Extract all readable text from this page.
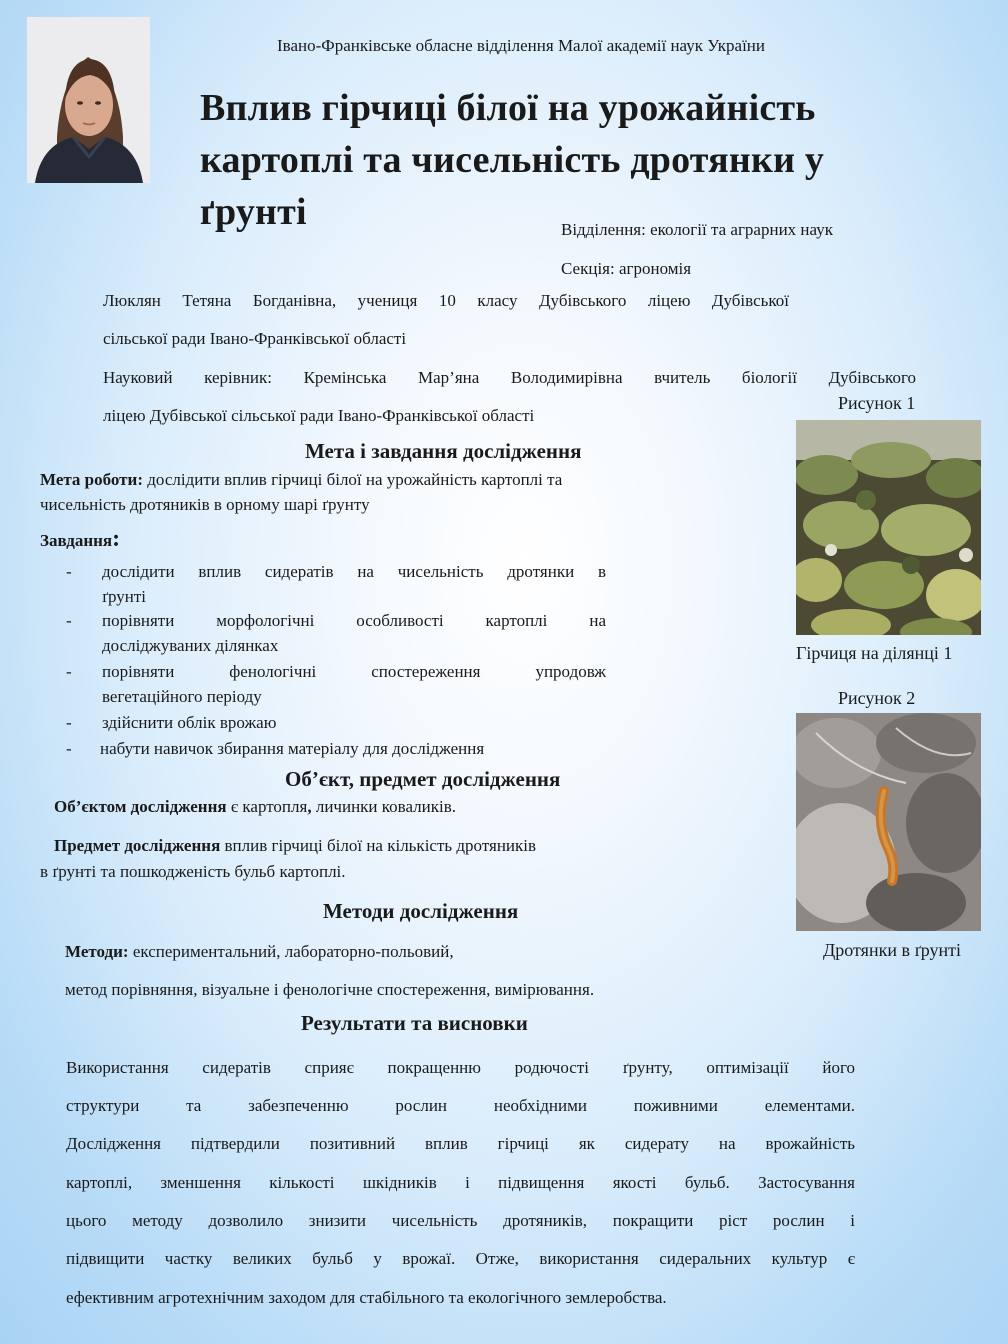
Івано-Франківське обласне відділення Малої академії наук України
Вплив гірчиці білої на урожайність
картоплі та чисельність дротянки у
ґрунті	Відділення: екології та аграрних наук
Секція: агрономія
Люклян Тетяна Богданівна, учениця 10 класу Дубівського ліцею Дубівської
сільської ради Івано-Франківської області
Науковий керівник: Кремінська Мар’яна Володимирівна вчитель біології Дубівського
ліцею Дубівської сільської ради Івано-Франківської області
Рисунок 1
Гірчиця на ділянці 1
Рисунок 2
Дротянки в ґрунті
Мета і завдання дослідження
Мета роботи: дослідити вплив гірчиці білої на урожайність картоплі та
чисельність дротяників в орному шарі ґрунту
Завдання:
- дослідити вплив сидератів на чисельність дротянки в
ґрунті
- порівняти морфологічні особливості картоплі на
досліджуваних ділянках
- порівняти фенологічні спостереження упродовж
вегетаційного періоду
- здійснити облік врожаю
- набути навичок збирання матеріалу для дослідження
Об’єкт, предмет дослідження
Об’єктом дослідження є картопля, личинки коваликів.
Предмет дослідження вплив гірчиці білої на кількість дротяників
в ґрунті та пошкодженість бульб картоплі.
Методи дослідження
Методи: експериментальний, лабораторно-польовий,
метод порівняння, візуальне і фенологічне спостереження, вимірювання.
Результати та висновки
Використання сидератів сприяє покращенню родючості ґрунту, оптимізації його
структури та забезпеченню рослин необхідними поживними елементами.
Дослідження підтвердили позитивний вплив гірчиці як сидерату на врожайність
картоплі, зменшення кількості шкідників і підвищення якості бульб. Застосування
цього методу дозволило знизити чисельність дротяників, покращити ріст рослин і
підвищити частку великих бульб у врожаї. Отже, використання сидеральних культур є
ефективним агротехнічним заходом для стабільного та екологічного землеробства.
